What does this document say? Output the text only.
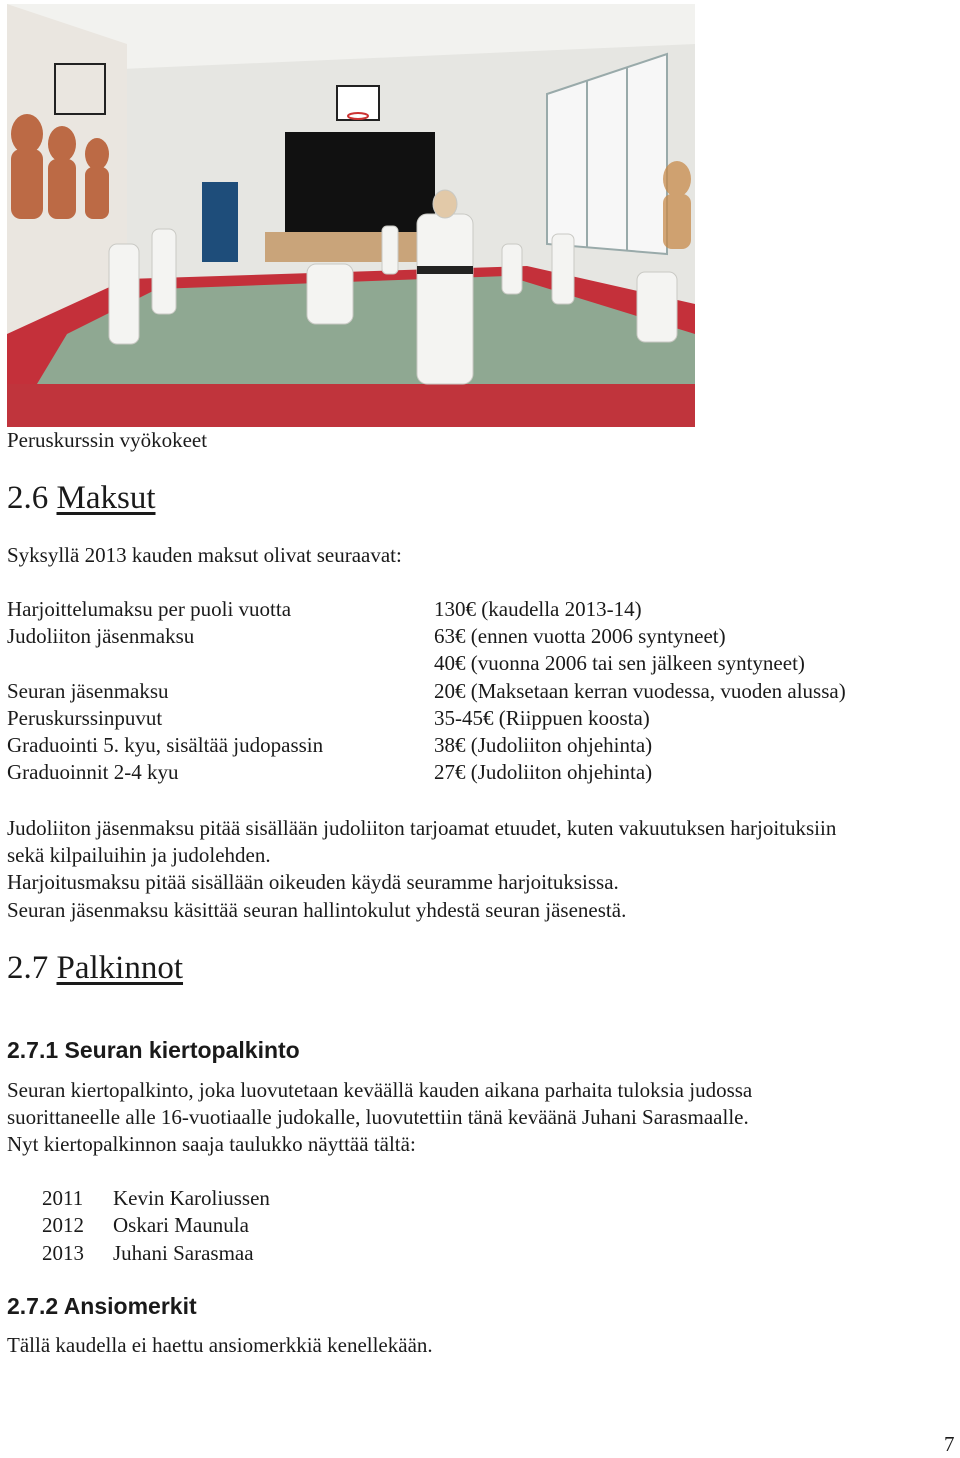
Peruskurssin vyökokeet
2.6 Maksut
Syksyllä 2013 kauden maksut olivat seuraavat:
Harjoittelumaksu per puoli vuotta	130€ (kaudella 2013-14)
Judoliiton jäsenmaksu	63€ (ennen vuotta 2006 syntyneet)
40€ (vuonna 2006 tai sen jälkeen syntyneet)
Seuran jäsenmaksu	20€ (Maksetaan kerran vuodessa, vuoden alussa)
Peruskurssinpuvut	35-45€ (Riippuen koosta)
Graduointi 5. kyu, sisältää judopassin	38€ (Judoliiton ohjehinta)
Graduoinnit 2-4 kyu	27€ (Judoliiton ohjehinta)
Judoliiton jäsenmaksu pitää sisällään judoliiton tarjoamat etuudet, kuten vakuutuksen harjoituksiin
sekä kilpailuihin ja judolehden.
Harjoitusmaksu pitää sisällään oikeuden käydä seuramme harjoituksissa.
Seuran jäsenmaksu käsittää seuran hallintokulut yhdestä seuran jäsenestä.
2.7 Palkinnot
2.7.1 Seuran kiertopalkinto
Seuran kiertopalkinto, joka luovutetaan keväällä kauden aikana parhaita tuloksia judossa
suorittaneelle alle 16-vuotiaalle judokalle, luovutettiin tänä keväänä Juhani Sarasmaalle.
Nyt kiertopalkinnon saaja taulukko näyttää tältä:
2011 Kevin Karoliussen
2012 Oskari Maunula
2013 Juhani Sarasmaa
2.7.2 Ansiomerkit
Tällä kaudella ei haettu ansiomerkkiä kenellekään.
7
